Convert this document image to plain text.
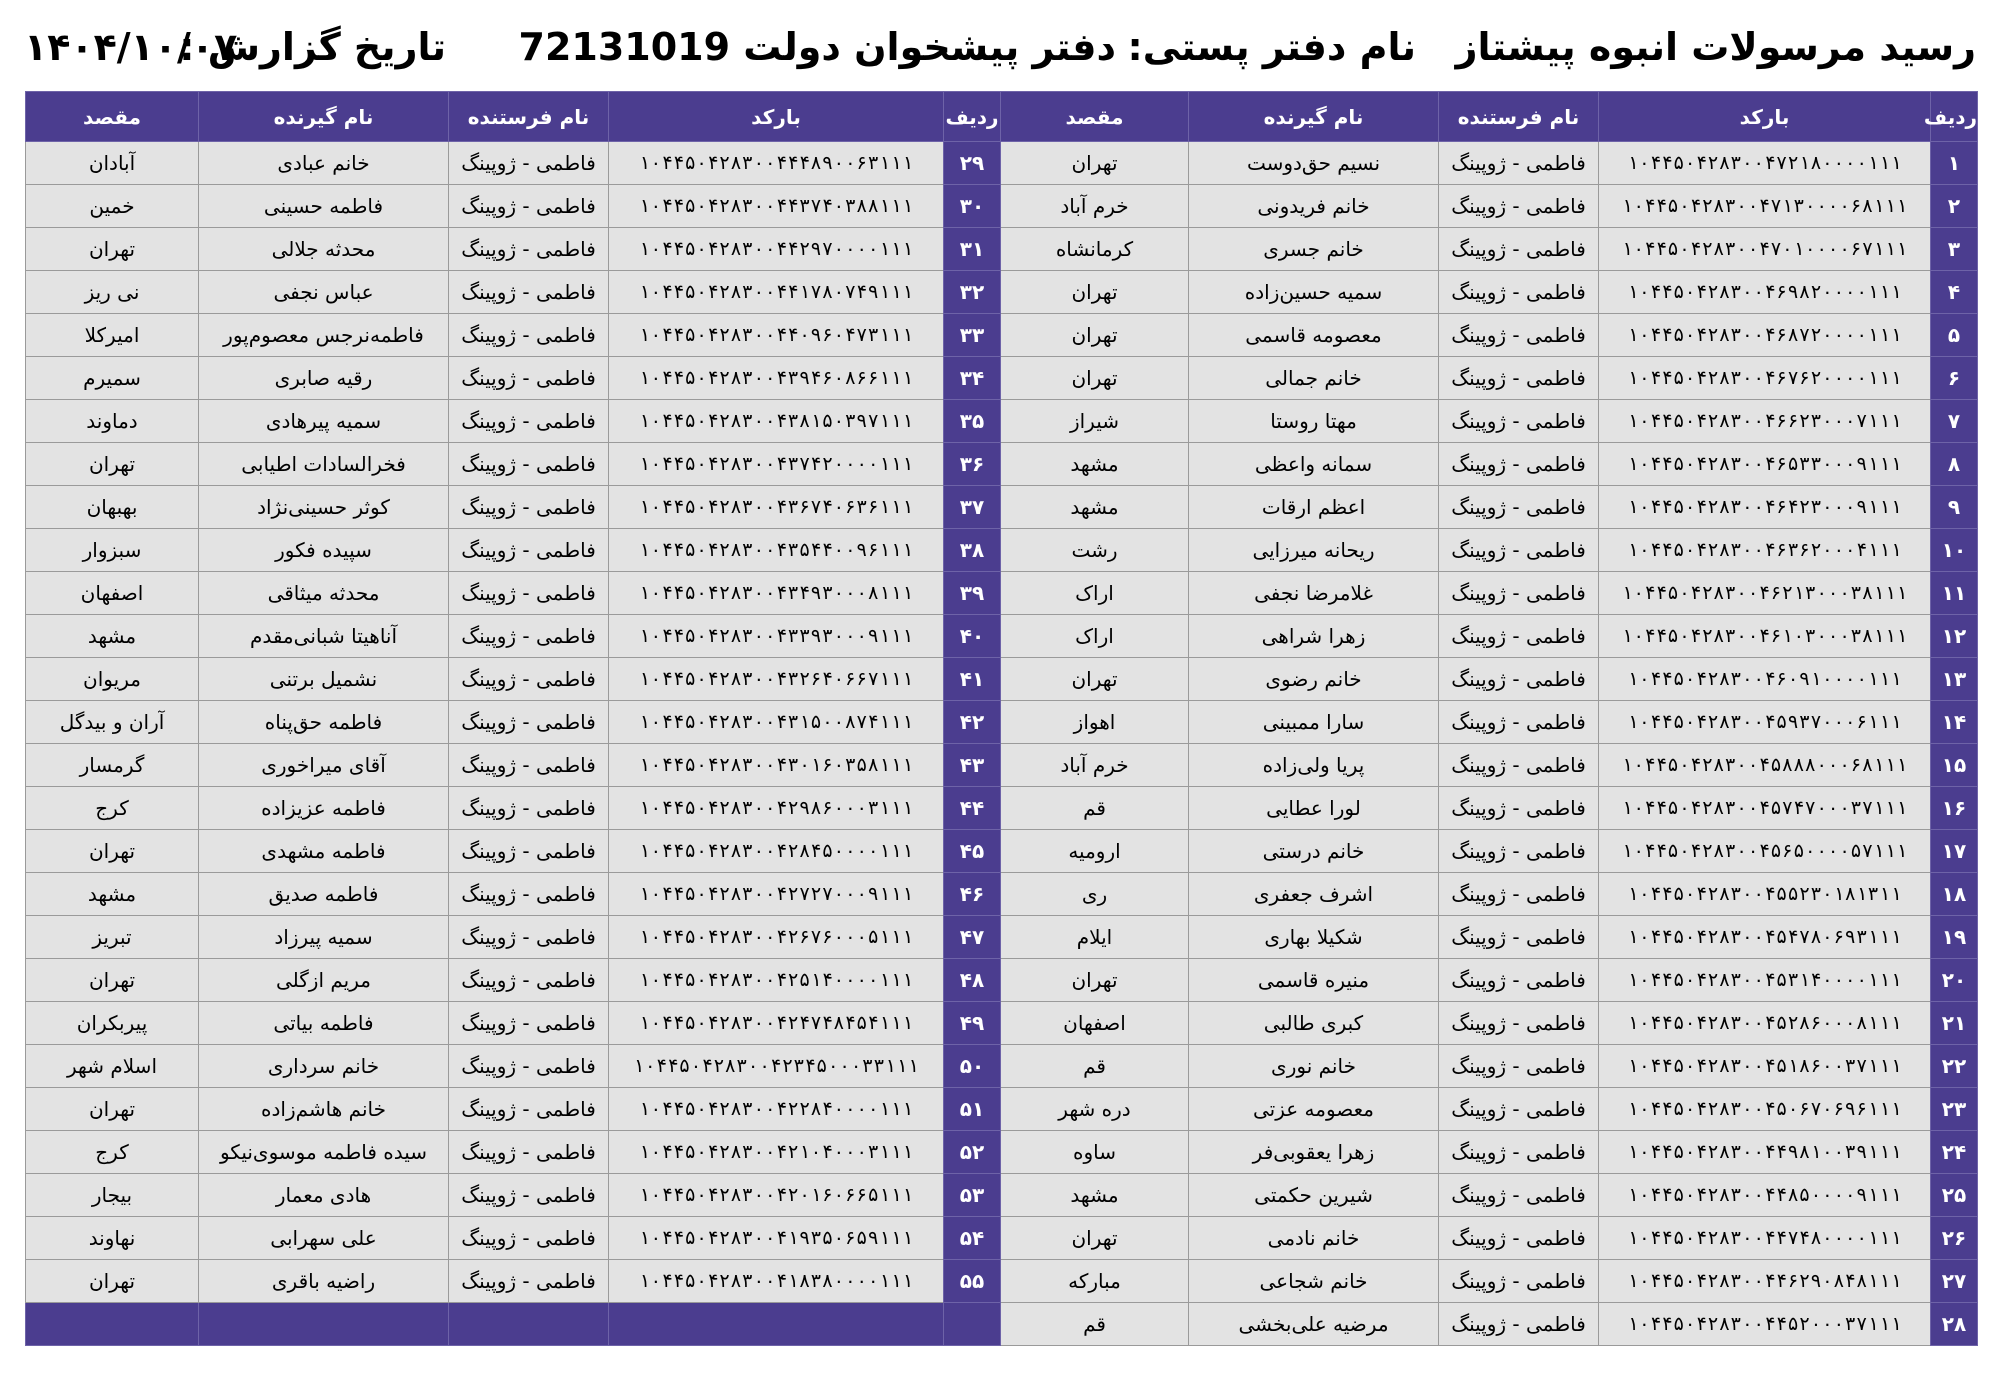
رسید مرسولات انبوه پیشتاز
نام دفتر پستی:
دفتر پیشخوان دولت 72131019
تاریخ گزارش :
۱۴۰۴/۱۰/۰۷
ردیف	بارکد	نام فرستنده	نام گیرنده	مقصد
۱	۱۰۴۴۵۰۴۲۸۳۰۰۴۷۲۱۸۰۰۰۰۱۱۱	فاطمی - ژوپینگ	نسیم حق‌دوست	تهران
۲	۱۰۴۴۵۰۴۲۸۳۰۰۴۷۱۳۰۰۰۰۶۸۱۱۱	فاطمی - ژوپینگ	خانم فریدونی	خرم آباد
۳	۱۰۴۴۵۰۴۲۸۳۰۰۴۷۰۱۰۰۰۰۶۷۱۱۱	فاطمی - ژوپینگ	خانم جسری	کرمانشاه
۴	۱۰۴۴۵۰۴۲۸۳۰۰۴۶۹۸۲۰۰۰۰۱۱۱	فاطمی - ژوپینگ	سمیه حسین‌زاده	تهران
۵	۱۰۴۴۵۰۴۲۸۳۰۰۴۶۸۷۲۰۰۰۰۱۱۱	فاطمی - ژوپینگ	معصومه قاسمی	تهران
۶	۱۰۴۴۵۰۴۲۸۳۰۰۴۶۷۶۲۰۰۰۰۱۱۱	فاطمی - ژوپینگ	خانم جمالی	تهران
۷	۱۰۴۴۵۰۴۲۸۳۰۰۴۶۶۲۳۰۰۰۷۱۱۱	فاطمی - ژوپینگ	مهتا روستا	شیراز
۸	۱۰۴۴۵۰۴۲۸۳۰۰۴۶۵۳۳۰۰۰۹۱۱۱	فاطمی - ژوپینگ	سمانه واعظی	مشهد
۹	۱۰۴۴۵۰۴۲۸۳۰۰۴۶۴۲۳۰۰۰۹۱۱۱	فاطمی - ژوپینگ	اعظم ارقات	مشهد
۱۰	۱۰۴۴۵۰۴۲۸۳۰۰۴۶۳۶۲۰۰۰۴۱۱۱	فاطمی - ژوپینگ	ریحانه میرزایی	رشت
۱۱	۱۰۴۴۵۰۴۲۸۳۰۰۴۶۲۱۳۰۰۰۳۸۱۱۱	فاطمی - ژوپینگ	غلامرضا نجفی	اراک
۱۲	۱۰۴۴۵۰۴۲۸۳۰۰۴۶۱۰۳۰۰۰۳۸۱۱۱	فاطمی - ژوپینگ	زهرا شراهی	اراک
۱۳	۱۰۴۴۵۰۴۲۸۳۰۰۴۶۰۹۱۰۰۰۰۱۱۱	فاطمی - ژوپینگ	خانم رضوی	تهران
۱۴	۱۰۴۴۵۰۴۲۸۳۰۰۴۵۹۳۷۰۰۰۶۱۱۱	فاطمی - ژوپینگ	سارا ممبینی	اهواز
۱۵	۱۰۴۴۵۰۴۲۸۳۰۰۴۵۸۸۸۰۰۰۶۸۱۱۱	فاطمی - ژوپینگ	پریا ولی‌زاده	خرم آباد
۱۶	۱۰۴۴۵۰۴۲۸۳۰۰۴۵۷۴۷۰۰۰۳۷۱۱۱	فاطمی - ژوپینگ	لورا عطایی	قم
۱۷	۱۰۴۴۵۰۴۲۸۳۰۰۴۵۶۵۰۰۰۰۵۷۱۱۱	فاطمی - ژوپینگ	خانم درستی	ارومیه
۱۸	۱۰۴۴۵۰۴۲۸۳۰۰۴۵۵۲۳۰۱۸۱۳۱۱	فاطمی - ژوپینگ	اشرف جعفری	ری
۱۹	۱۰۴۴۵۰۴۲۸۳۰۰۴۵۴۷۸۰۶۹۳۱۱۱	فاطمی - ژوپینگ	شکیلا بهاری	ایلام
۲۰	۱۰۴۴۵۰۴۲۸۳۰۰۴۵۳۱۴۰۰۰۰۱۱۱	فاطمی - ژوپینگ	منیره قاسمی	تهران
۲۱	۱۰۴۴۵۰۴۲۸۳۰۰۴۵۲۸۶۰۰۰۸۱۱۱	فاطمی - ژوپینگ	کبری طالبی	اصفهان
۲۲	۱۰۴۴۵۰۴۲۸۳۰۰۴۵۱۸۶۰۰۳۷۱۱۱	فاطمی - ژوپینگ	خانم نوری	قم
۲۳	۱۰۴۴۵۰۴۲۸۳۰۰۴۵۰۶۷۰۶۹۶۱۱۱	فاطمی - ژوپینگ	معصومه عزتی	دره شهر
۲۴	۱۰۴۴۵۰۴۲۸۳۰۰۴۴۹۸۱۰۰۳۹۱۱۱	فاطمی - ژوپینگ	زهرا یعقوبی‌فر	ساوه
۲۵	۱۰۴۴۵۰۴۲۸۳۰۰۴۴۸۵۰۰۰۰۹۱۱۱	فاطمی - ژوپینگ	شیرین حکمتی	مشهد
۲۶	۱۰۴۴۵۰۴۲۸۳۰۰۴۴۷۴۸۰۰۰۰۱۱۱	فاطمی - ژوپینگ	خانم نادمی	تهران
۲۷	۱۰۴۴۵۰۴۲۸۳۰۰۴۴۶۲۹۰۸۴۸۱۱۱	فاطمی - ژوپینگ	خانم شجاعی	مبارکه
۲۸	۱۰۴۴۵۰۴۲۸۳۰۰۴۴۵۲۰۰۰۳۷۱۱۱	فاطمی - ژوپینگ	مرضیه علی‌بخشی	قم
ردیف	بارکد	نام فرستنده	نام گیرنده	مقصد
۲۹	۱۰۴۴۵۰۴۲۸۳۰۰۴۴۴۸۹۰۰۶۳۱۱۱	فاطمی - ژوپینگ	خانم عبادی	آبادان
۳۰	۱۰۴۴۵۰۴۲۸۳۰۰۴۴۳۷۴۰۳۸۸۱۱۱	فاطمی - ژوپینگ	فاطمه حسینی	خمین
۳۱	۱۰۴۴۵۰۴۲۸۳۰۰۴۴۲۹۷۰۰۰۰۱۱۱	فاطمی - ژوپینگ	محدثه جلالی	تهران
۳۲	۱۰۴۴۵۰۴۲۸۳۰۰۴۴۱۷۸۰۷۴۹۱۱۱	فاطمی - ژوپینگ	عباس نجفی	نی ریز
۳۳	۱۰۴۴۵۰۴۲۸۳۰۰۴۴۰۹۶۰۴۷۳۱۱۱	فاطمی - ژوپینگ	فاطمه‌نرجس معصوم‌پور	امیرکلا
۳۴	۱۰۴۴۵۰۴۲۸۳۰۰۴۳۹۴۶۰۸۶۶۱۱۱	فاطمی - ژوپینگ	رقیه صابری	سمیرم
۳۵	۱۰۴۴۵۰۴۲۸۳۰۰۴۳۸۱۵۰۳۹۷۱۱۱	فاطمی - ژوپینگ	سمیه پیرهادی	دماوند
۳۶	۱۰۴۴۵۰۴۲۸۳۰۰۴۳۷۴۲۰۰۰۰۱۱۱	فاطمی - ژوپینگ	فخرالسادات اطیابی	تهران
۳۷	۱۰۴۴۵۰۴۲۸۳۰۰۴۳۶۷۴۰۶۳۶۱۱۱	فاطمی - ژوپینگ	کوثر حسینی‌نژاد	بهبهان
۳۸	۱۰۴۴۵۰۴۲۸۳۰۰۴۳۵۴۴۰۰۹۶۱۱۱	فاطمی - ژوپینگ	سپیده فکور	سبزوار
۳۹	۱۰۴۴۵۰۴۲۸۳۰۰۴۳۴۹۳۰۰۰۸۱۱۱	فاطمی - ژوپینگ	محدثه میثاقی	اصفهان
۴۰	۱۰۴۴۵۰۴۲۸۳۰۰۴۳۳۹۳۰۰۰۹۱۱۱	فاطمی - ژوپینگ	آناهیتا شبانی‌مقدم	مشهد
۴۱	۱۰۴۴۵۰۴۲۸۳۰۰۴۳۲۶۴۰۶۶۷۱۱۱	فاطمی - ژوپینگ	نشمیل برتنی	مریوان
۴۲	۱۰۴۴۵۰۴۲۸۳۰۰۴۳۱۵۰۰۸۷۴۱۱۱	فاطمی - ژوپینگ	فاطمه حق‌پناه	آران و بیدگل
۴۳	۱۰۴۴۵۰۴۲۸۳۰۰۴۳۰۱۶۰۳۵۸۱۱۱	فاطمی - ژوپینگ	آقای میراخوری	گرمسار
۴۴	۱۰۴۴۵۰۴۲۸۳۰۰۴۲۹۸۶۰۰۰۳۱۱۱	فاطمی - ژوپینگ	فاطمه عزیزاده	کرج
۴۵	۱۰۴۴۵۰۴۲۸۳۰۰۴۲۸۴۵۰۰۰۰۱۱۱	فاطمی - ژوپینگ	فاطمه مشهدی	تهران
۴۶	۱۰۴۴۵۰۴۲۸۳۰۰۴۲۷۲۷۰۰۰۹۱۱۱	فاطمی - ژوپینگ	فاطمه صدیق	مشهد
۴۷	۱۰۴۴۵۰۴۲۸۳۰۰۴۲۶۷۶۰۰۰۵۱۱۱	فاطمی - ژوپینگ	سمیه پیرزاد	تبریز
۴۸	۱۰۴۴۵۰۴۲۸۳۰۰۴۲۵۱۴۰۰۰۰۱۱۱	فاطمی - ژوپینگ	مریم ازگلی	تهران
۴۹	۱۰۴۴۵۰۴۲۸۳۰۰۴۲۴۷۴۸۴۵۴۱۱۱	فاطمی - ژوپینگ	فاطمه بیاتی	پیربکران
۵۰	۱۰۴۴۵۰۴۲۸۳۰۰۴۲۳۴۵۰۰۰۳۳۱۱۱	فاطمی - ژوپینگ	خانم سرداری	اسلام شهر
۵۱	۱۰۴۴۵۰۴۲۸۳۰۰۴۲۲۸۴۰۰۰۰۱۱۱	فاطمی - ژوپینگ	خانم هاشم‌زاده	تهران
۵۲	۱۰۴۴۵۰۴۲۸۳۰۰۴۲۱۰۴۰۰۰۳۱۱۱	فاطمی - ژوپینگ	سیده فاطمه موسوی‌نیکو	کرج
۵۳	۱۰۴۴۵۰۴۲۸۳۰۰۴۲۰۱۶۰۶۶۵۱۱۱	فاطمی - ژوپینگ	هادی معمار	بیجار
۵۴	۱۰۴۴۵۰۴۲۸۳۰۰۴۱۹۳۵۰۶۵۹۱۱۱	فاطمی - ژوپینگ	علی سهرابی	نهاوند
۵۵	۱۰۴۴۵۰۴۲۸۳۰۰۴۱۸۳۸۰۰۰۰۱۱۱	فاطمی - ژوپینگ	راضیه باقری	تهران
